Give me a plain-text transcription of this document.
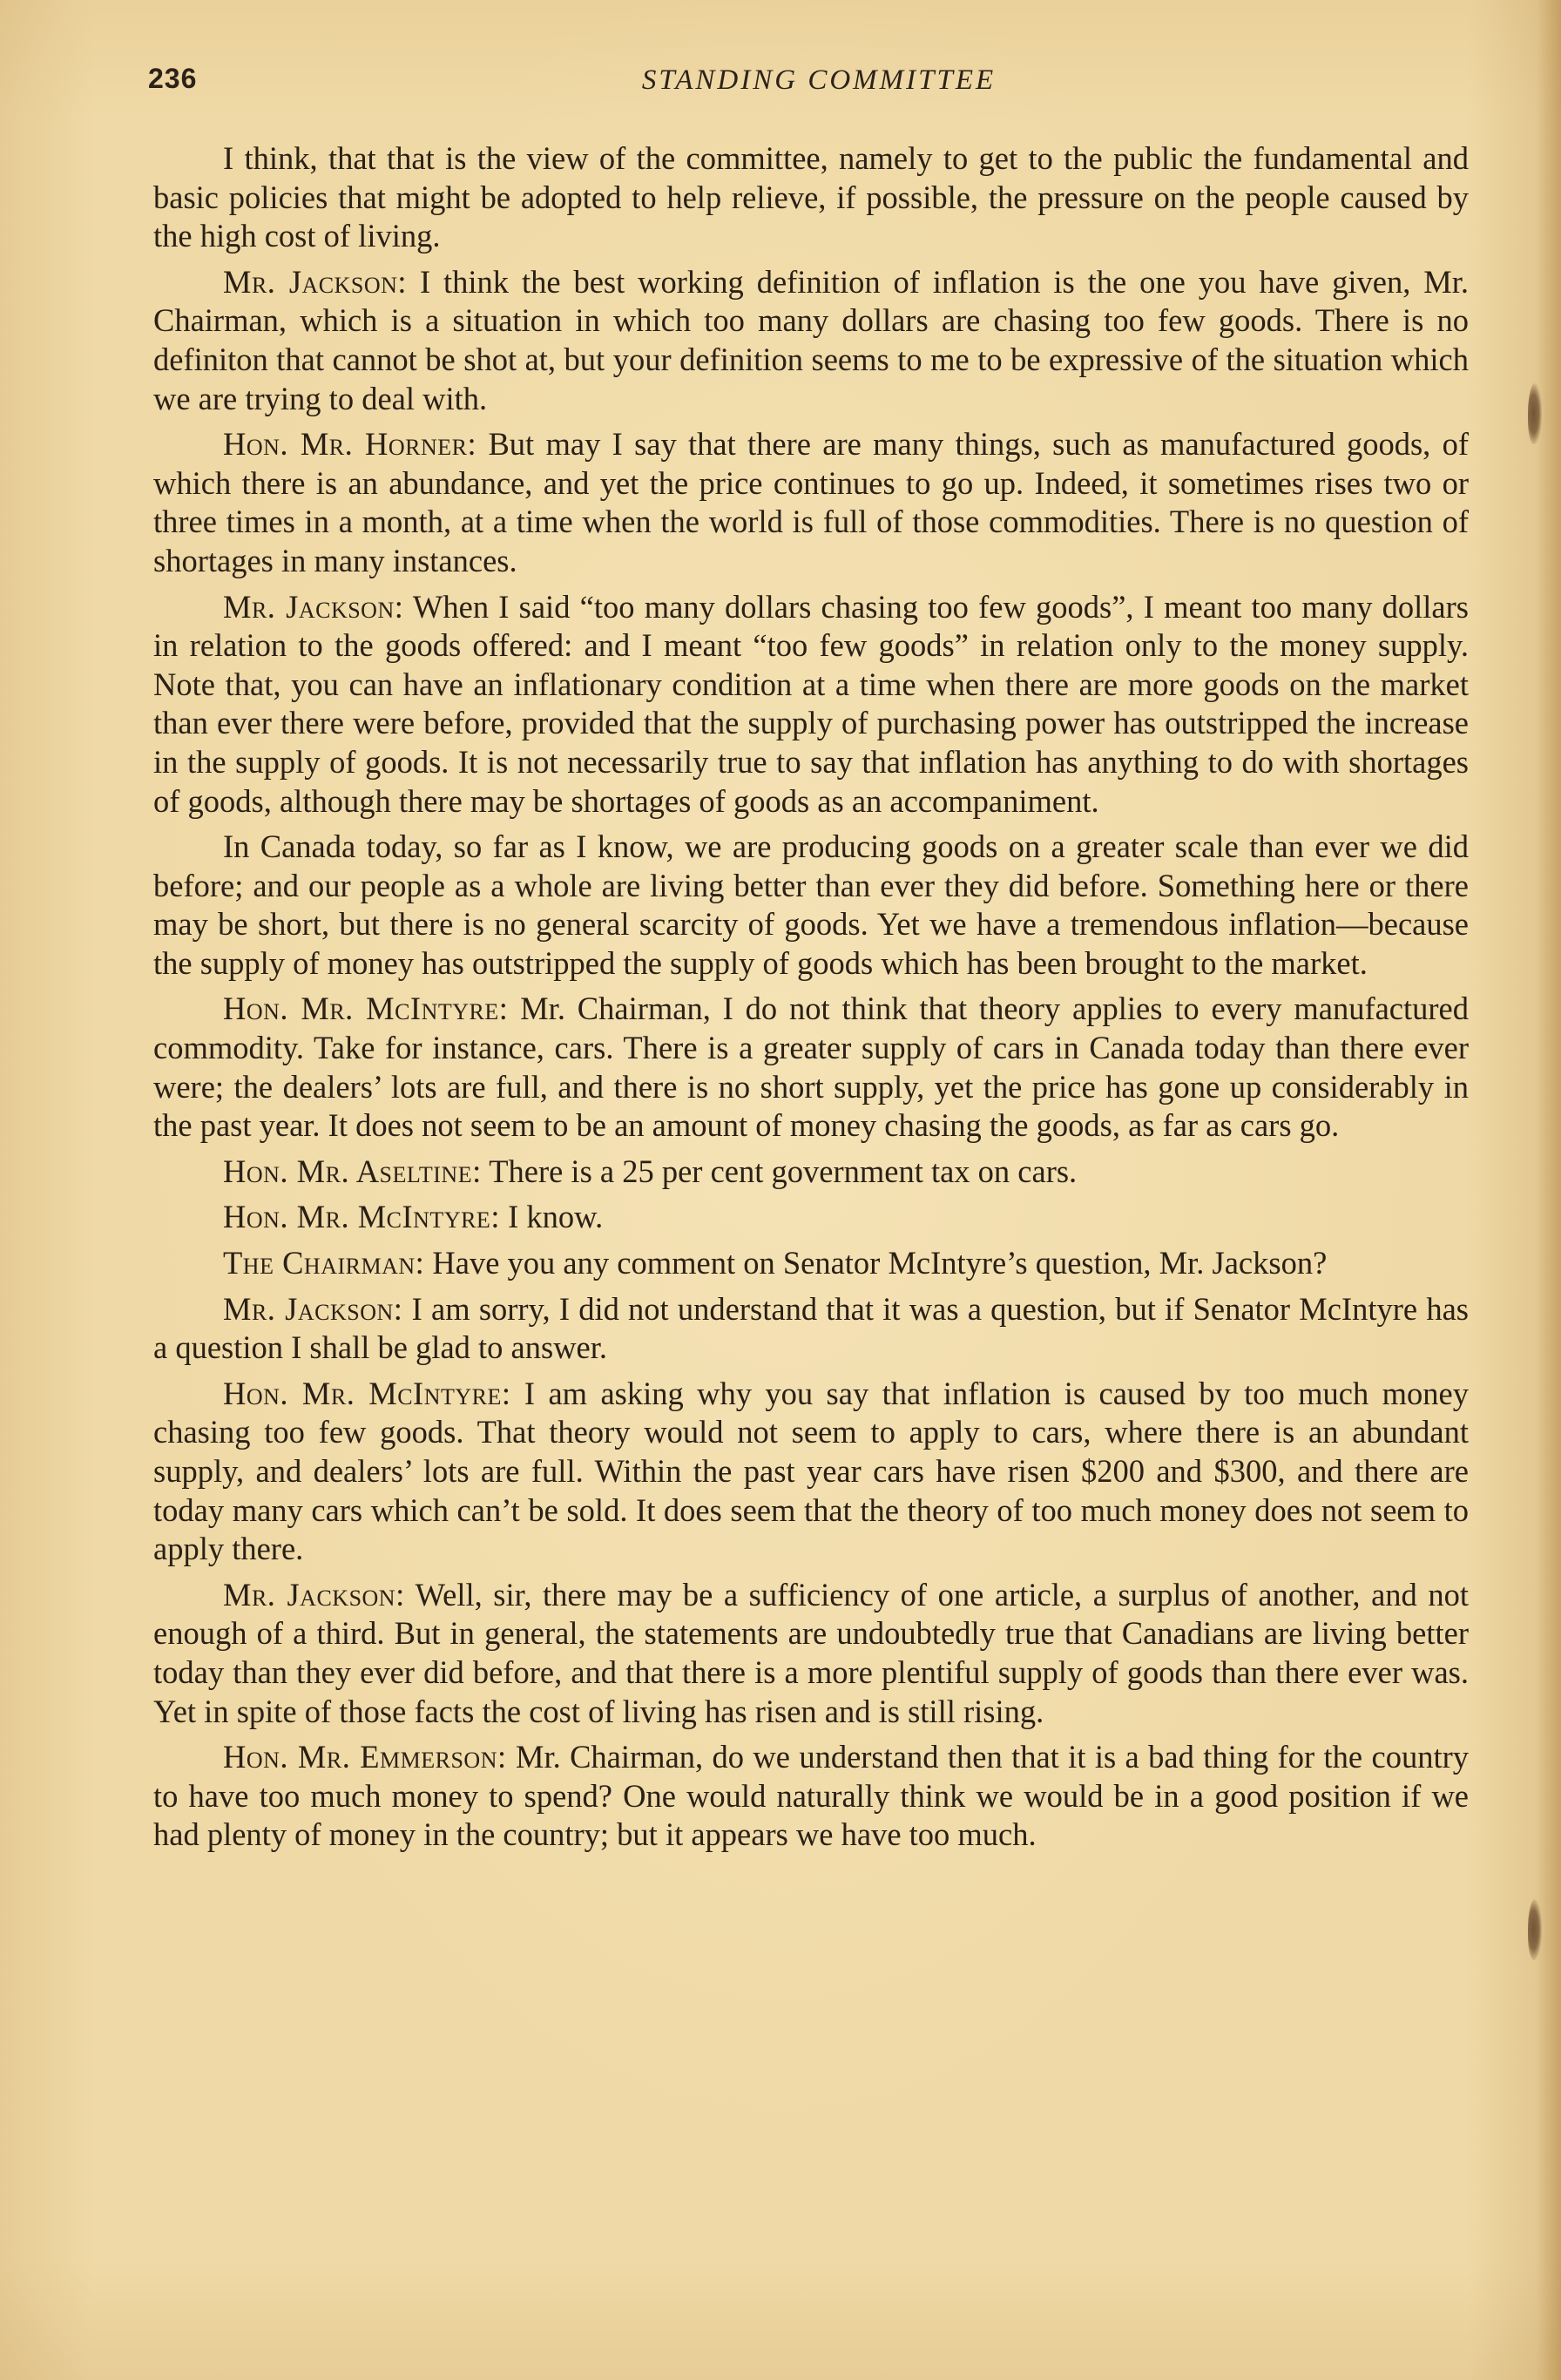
236	STANDING COMMITTEE

I think, that that is the view of the committee, namely to get to the public the fundamental and basic policies that might be adopted to help relieve, if possible, the pressure on the people caused by the high cost of living.

Mr. Jackson: I think the best working definition of inflation is the one you have given, Mr. Chairman, which is a situation in which too many dollars are chasing too few goods. There is no definiton that cannot be shot at, but your definition seems to me to be expressive of the situation which we are trying to deal with.

Hon. Mr. Horner: But may I say that there are many things, such as manufactured goods, of which there is an abundance, and yet the price continues to go up. Indeed, it sometimes rises two or three times in a month, at a time when the world is full of those commodities. There is no question of shortages in many instances.

Mr. Jackson: When I said “too many dollars chasing too few goods”, I meant too many dollars in relation to the goods offered: and I meant “too few goods” in relation only to the money supply. Note that, you can have an inflationary condition at a time when there are more goods on the market than ever there were before, provided that the supply of purchasing power has outstripped the increase in the supply of goods. It is not necessarily true to say that inflation has anything to do with shortages of goods, although there may be shortages of goods as an accompaniment.

In Canada today, so far as I know, we are producing goods on a greater scale than ever we did before; and our people as a whole are living better than ever they did before. Something here or there may be short, but there is no general scarcity of goods. Yet we have a tremendous inflation—because the supply of money has outstripped the supply of goods which has been brought to the market.

Hon. Mr. McIntyre: Mr. Chairman, I do not think that theory applies to every manufactured commodity. Take for instance, cars. There is a greater supply of cars in Canada today than there ever were; the dealers’ lots are full, and there is no short supply, yet the price has gone up considerably in the past year. It does not seem to be an amount of money chasing the goods, as far as cars go.

Hon. Mr. Aseltine: There is a 25 per cent government tax on cars.

Hon. Mr. McIntyre: I know.

The Chairman: Have you any comment on Senator McIntyre’s question, Mr. Jackson?

Mr. Jackson: I am sorry, I did not understand that it was a question, but if Senator McIntyre has a question I shall be glad to answer.

Hon. Mr. McIntyre: I am asking why you say that inflation is caused by too much money chasing too few goods. That theory would not seem to apply to cars, where there is an abundant supply, and dealers’ lots are full. Within the past year cars have risen $200 and $300, and there are today many cars which can’t be sold. It does seem that the theory of too much money does not seem to apply there.

Mr. Jackson: Well, sir, there may be a sufficiency of one article, a surplus of another, and not enough of a third. But in general, the statements are undoubtedly true that Canadians are living better today than they ever did before, and that there is a more plentiful supply of goods than there ever was. Yet in spite of those facts the cost of living has risen and is still rising.

Hon. Mr. Emmerson: Mr. Chairman, do we understand then that it is a bad thing for the country to have too much money to spend? One would naturally think we would be in a good position if we had plenty of money in the country; but it appears we have too much.
